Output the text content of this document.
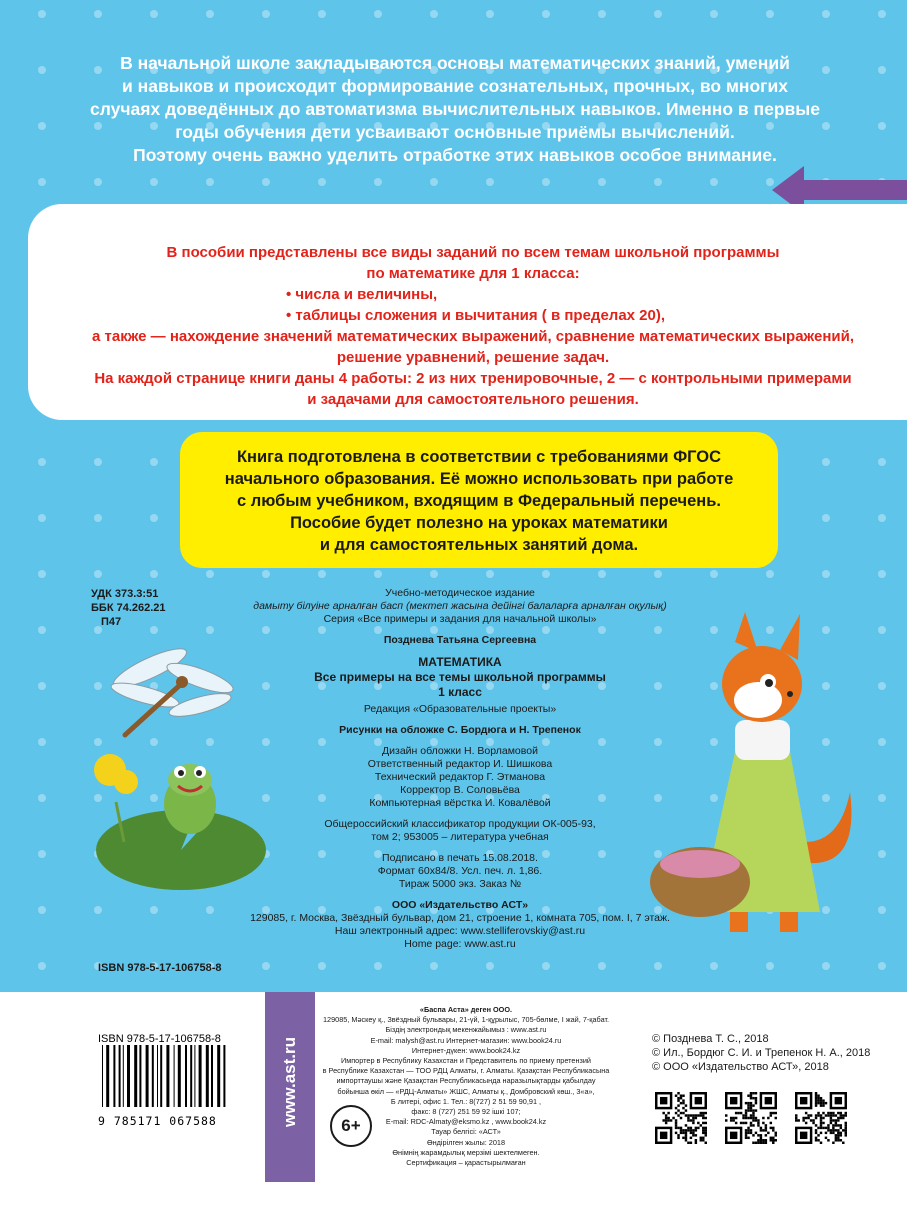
В начальной школе закладываются основы математических знаний, умений
и навыков и происходит формирование сознательных, прочных, во многих
случаях доведённых до автоматизма вычислительных навыков. Именно в первые
годы обучения дети усваивают основные приёмы вычислений.
Поэтому очень важно уделить отработке этих навыков особое внимание.
В пособии представлены все виды заданий по всем темам школьной программы
по математике для 1 класса:
• числа и величины,
• таблицы сложения и вычитания ( в пределах 20),
а также — нахождение значений математических выражений, сравнение математических выражений,
решение уравнений, решение задач.
На каждой странице книги даны 4 работы: 2 из них тренировочные, 2 — с контрольными примерами
и задачами для самостоятельного решения.
Книга подготовлена в соответствии с требованиями ФГОС
начального образования. Её можно использовать при работе
с любым учебником, входящим в Федеральный перечень.
Пособие будет полезно на уроках математики
и для самостоятельных занятий дома.
УДК 373.3:51
ББК 74.262.21
П47
Учебно-методическое издание
дамыту білуіне арналған басп (мектеп жасына дейінгі балаларға арналған оқулық)
Серия «Все примеры и задания для начальной школы»
Позднева Татьяна Сергеевна
МАТЕМАТИКА
Все примеры на все темы школьной программы
1 класс
Редакция «Образовательные проекты»
Рисунки на обложке С. Бордюга и Н. Трепенок
Дизайн обложки Н. Ворламовой
Ответственный редактор И. Шишкова
Технический редактор Г. Этманова
Корректор В. Соловьёва
Компьютерная вёрстка И. Ковалёвой
Общероссийский классификатор продукции ОК-005-93,
том 2; 953005 – литература учебная
Подписано в печать 15.08.2018.
Формат 60х84/8. Усл. печ. л. 1,86.
Тираж 5000 экз. Заказ №
ООО «Издательство АСТ»
129085, г. Москва, Звёздный бульвар, дом 21, строение 1, комната 705, пом. I, 7 этаж.
Наш электронный адрес: www.stelliferovskiy@ast.ru
Home page: www.ast.ru
ISBN 978-5-17-106758-8
ISBN 978-5-17-106758-8
9 785171 067588	www.ast.ru
«Баспа Аста» деген ООО.
129085, Мәскеу қ., Звёздный бульвары, 21-үй, 1-құрылыс, 705-бөлме, I жай, 7-қабат.
Біздің электрондық мекенжайымыз : www.ast.ru
E-mail: malysh@ast.ru Интернет-магазин: www.book24.ru
Интернет-дүкен: www.book24.kz
Импортер в Республику Казахстан и Представитель по приему претензий
в Республике Казахстан — ТОО РДЦ Алматы, г. Алматы. Қазақстан Республикасына
импорттаушы және Қазақстан Республикасында наразылықтарды қабылдау
бойынша өкіл — «РДЦ-Алматы» ЖШС, Алматы қ., Домбровский көш., 3«а»,
Б литері, офис 1. Тел.: 8(727) 2 51 59 90,91 ,
факс: 8 (727) 251 59 92 ішкі 107;
E-mail: RDC-Almaty@eksmo.kz , www.book24.kz
Тауар белгісі: «АСТ»
Өндірілген жылы: 2018
Өнімнің жарамдылық мерзімі шектелмеген.
Сертификация – қарастырылмаған
6+
© Позднева Т. С., 2018
© Ил., Бордюг С. И. и Трепенок Н. А., 2018
© ООО «Издательство АСТ», 2018
